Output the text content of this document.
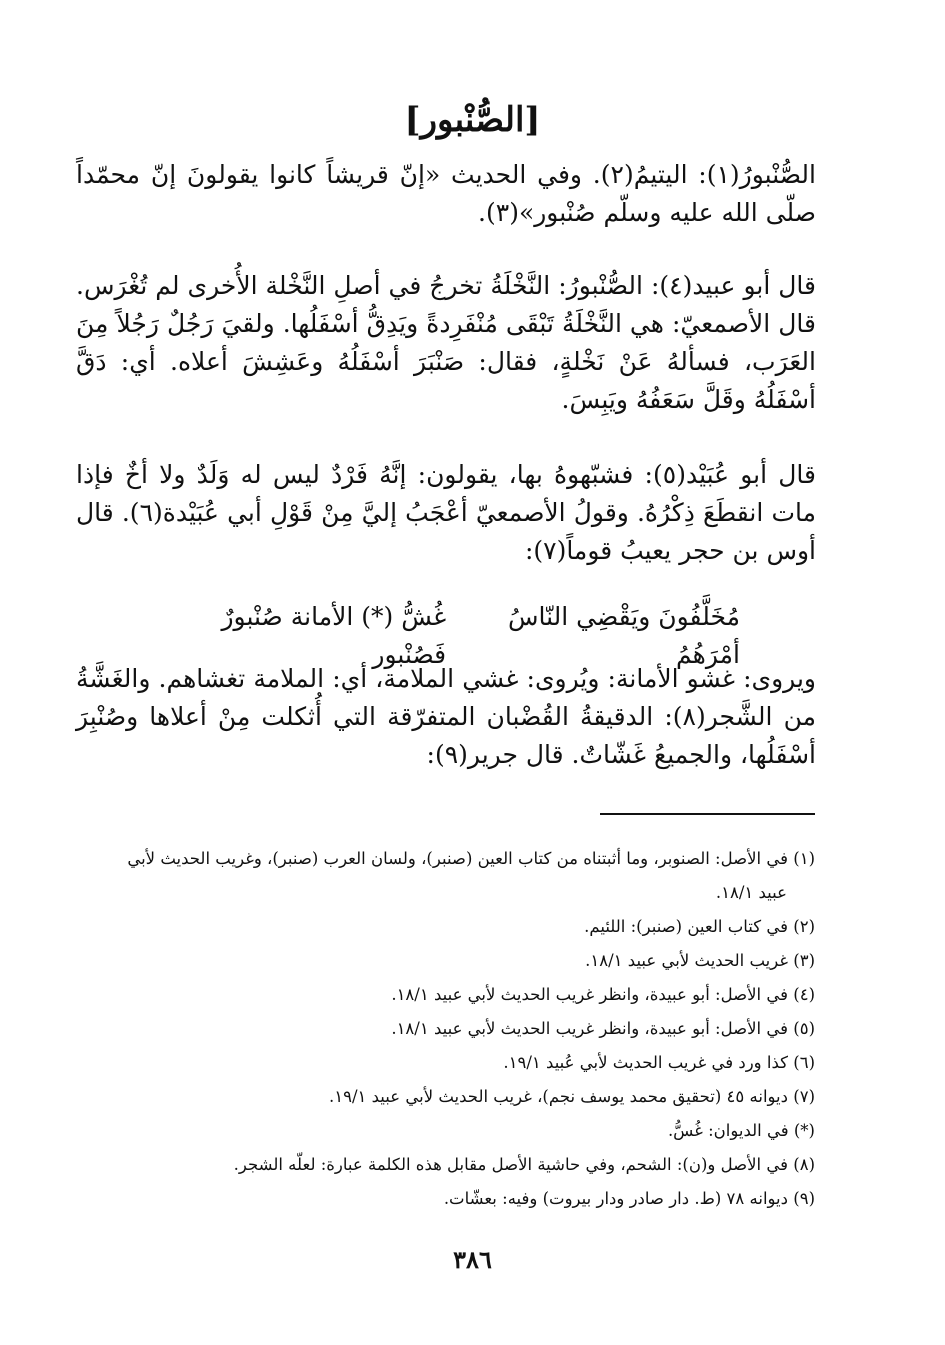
[الصُّنْبور]

الصُّنْبورُ(١): اليتيمُ(٢). وفي الحديث «إنّ قريشاً كانوا يقولونَ إنّ محمّداً صلّى الله عليه وسلّم صُنْبور»(٣).

قال أبو عبيد(٤): الصُّنْبورُ: النَّخْلَةُ تخرجُ في أصلِ النَّخْلة الأُخرى لم تُغْرَس. قال الأصمعيّ: هي النَّخْلَةُ تَبْقَى مُنْفَرِدةً ويَدِقُّ أسْفَلُها. ولقيَ رَجُلٌ رَجُلاً مِنَ العَرَب، فسألهُ عَنْ نَخْلةٍ، فقال: صَنْبَرَ أسْفَلُهُ وعَشِشَ أعلاه. أي: دَقَّ أسْفَلُهُ وقَلَّ سَعَفُهُ ويَبِسَ.

قال أبو عُبَيْد(٥): فشبّهوهُ بها، يقولون: إنَّهُ فَرْدٌ ليس له وَلَدٌ ولا أخٌ فإذا مات انقطَعَ ذِكْرُهُ. وقولُ الأصمعيّ أعْجَبُ إليَّ مِنْ قَوْلِ أبي عُبَيْدة(٦). قال أوس بن حجر يعيبُ قوماً(٧):

مُخَلَّفُونَ ويَقْضِي النّاسُ أمْرَهُمُ
غُشُّ (*) الأمانة صُنْبورٌ فَصُنْبور

ويروى: غشو الأمانة: ويُروى: غشي الملامة، أي: الملامة تغشاهم. والغَشَّةُ من الشَّجر(٨): الدقيقةُ القُضْبان المتفرّقة التي أُثكلت مِنْ أعلاها وصُنْبِرَ أسْفَلُها، والجميعُ غَشّاتٌ. قال جرير(٩):

(١) في الأصل: الصنوبر، وما أثبتناه من كتاب العين (صنبر)، ولسان العرب (صنبر)، وغريب الحديث لأبي

عبيد ١٨/١.

(٢) في كتاب العين (صنبر): اللئيم.

(٣) غريب الحديث لأبي عبيد ١٨/١.

(٤) في الأصل: أبو عبيدة، وانظر غريب الحديث لأبي عبيد ١٨/١.

(٥) في الأصل: أبو عبيدة، وانظر غريب الحديث لأبي عبيد ١٨/١.

(٦) كذا ورد في غريب الحديث لأبي عُبيد ١٩/١.

(٧) ديوانه ٤٥ (تحقيق محمد يوسف نجم)، غريب الحديث لأبي عبيد ١٩/١.

(*) في الديوان: غُسُّ.

(٨) في الأصل و(ن): الشحم، وفي حاشية الأصل مقابل هذه الكلمة عبارة: لعلّه الشجر.

(٩) ديوانه ٧٨ (ط. دار صادر ودار بيروت) وفيه: بعشّات.

٣٨٦
